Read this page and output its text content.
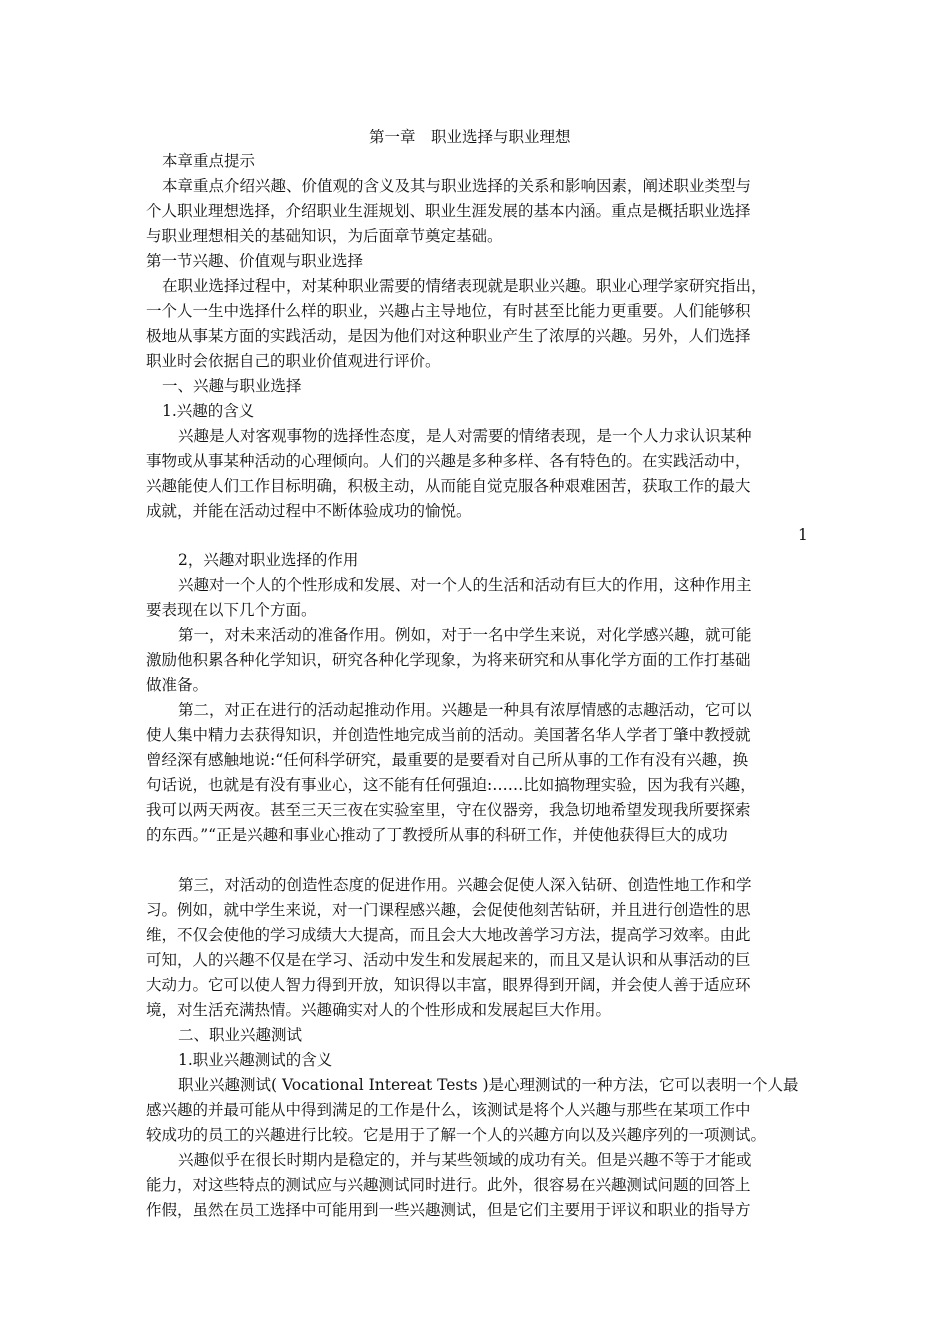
第一章　职业选择与职业理想
本章重点提示
本章重点介绍兴趣、价值观的含义及其与职业选择的关系和影响因素，阐述职业类型与
个人职业理想选择，介绍职业生涯规划、职业生涯发展的基本内涵。重点是概括职业选择
与职业理想相关的基础知识，为后面章节奠定基础。
第一节兴趣、价值观与职业选择
在职业选择过程中，对某种职业需要的情绪表现就是职业兴趣。职业心理学家研究指出，
一个人一生中选择什么样的职业，兴趣占主导地位，有时甚至比能力更重要。人们能够积
极地从事某方面的实践活动，是因为他们对这种职业产生了浓厚的兴趣。另外，人们选择
职业时会依据自己的职业价值观进行评价。
一、兴趣与职业选择
1.兴趣的含义
兴趣是人对客观事物的选择性态度，是人对需要的情绪表现，是一个人力求认识某种
事物或从事某种活动的心理倾向。人们的兴趣是多种多样、各有特色的。在实践活动中，
兴趣能使人们工作目标明确，积极主动，从而能自觉克服各种艰难困苦，获取工作的最大
成就，并能在活动过程中不断体验成功的愉悦。
1
2，兴趣对职业选择的作用
兴趣对一个人的个性形成和发展、对一个人的生活和活动有巨大的作用，这种作用主
要表现在以下几个方面。
第一，对未来活动的准备作用。例如，对于一名中学生来说，对化学感兴趣，就可能
激励他积累各种化学知识，研究各种化学现象，为将来研究和从事化学方面的工作打基础
做准备。
第二，对正在进行的活动起推动作用。兴趣是一种具有浓厚情感的志趣活动，它可以
使人集中精力去获得知识，并创造性地完成当前的活动。美国著名华人学者丁肇中教授就
曾经深有感触地说:“任何科学研究，最重要的是要看对自己所从事的工作有没有兴趣，换
句话说，也就是有没有事业心，这不能有任何强迫:……比如搞物理实验，因为我有兴趣，
我可以两天两夜。甚至三天三夜在实验室里，守在仪器旁，我急切地希望发现我所要探索
的东西。”“正是兴趣和事业心推动了丁教授所从事的科研工作，并使他获得巨大的成功
第三，对活动的创造性态度的促进作用。兴趣会促使人深入钻研、创造性地工作和学
习。例如，就中学生来说，对一门课程感兴趣，会促使他刻苦钻研，并且进行创造性的思
维，不仅会使他的学习成绩大大提高，而且会大大地改善学习方法，提高学习效率。由此
可知，人的兴趣不仅是在学习、活动中发生和发展起来的，而且又是认识和从事活动的巨
大动力。它可以使人智力得到开放，知识得以丰富，眼界得到开阔，并会使人善于适应环
境，对生活充满热情。兴趣确实对人的个性形成和发展起巨大作用。
二、职业兴趣测试
1.职业兴趣测试的含义
职业兴趣测试( Vocational Intereat Tests )是心理测试的一种方法，它可以表明一个人最
感兴趣的并最可能从中得到满足的工作是什么，该测试是将个人兴趣与那些在某项工作中
较成功的员工的兴趣进行比较。它是用于了解一个人的兴趣方向以及兴趣序列的一项测试。
兴趣似乎在很长时期内是稳定的，并与某些领域的成功有关。但是兴趣不等于才能或
能力，对这些特点的测试应与兴趣测试同时进行。此外，很容易在兴趣测试问题的回答上
作假，虽然在员工选择中可能用到一些兴趣测试，但是它们主要用于评议和职业的指导方
